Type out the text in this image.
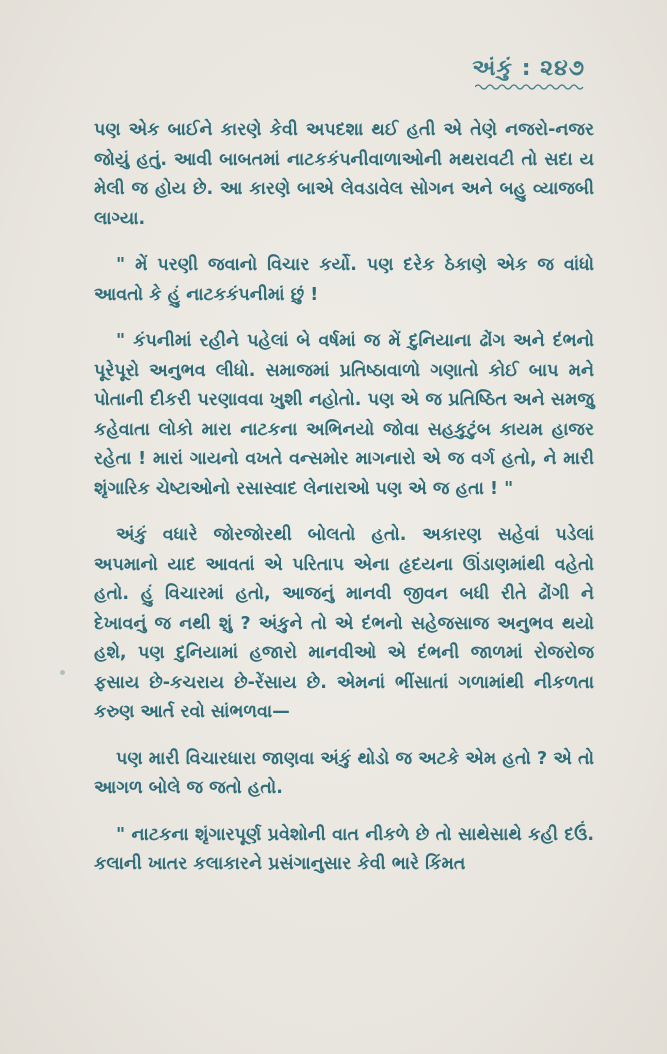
અંકું : ૨૪૭

પણ એક બાઈને કારણે કેવી અપદશા થઈ હતી એ તેણે નજરો-નજર જોયું હતું. આવી બાબતમાં નાટકકંપનીવાળાઓની મથરાવટી તો સદા ય મેલી જ હોય છે. આ કારણે બાએ લેવડાવેલ સોગન અને બહુ વ્યાજબી લાગ્યા.

" મેં પરણી જવાનો વિચાર કર્યો. પણ દરેક ઠેકાણે એક જ વાંધો આવતો કે હું નાટકકંપનીમાં છું !

" કંપનીમાં રહીને પહેલાં બે વર્ષમાં જ મેં દુનિયાના ઢોંગ અને દંભનો પૂરેપૂરો અનુભવ લીધો. સમાજમાં પ્રતિષ્ઠાવાળો ગણાતો કોઈ બાપ મને પોતાની દીકરી પરણાવવા ખુશી નહોતો. પણ એ જ પ્રતિષ્ઠિત અને સમજુ કહેવાતા લોકો મારા નાટકના અભિનયો જોવા સહકુટુંબ કાયમ હાજર રહેતા ! મારાં ગાયનો વખતે વન્સમોર માગનારો એ જ વર્ગ હતો, ને મારી શૃંગારિક ચેષ્ટાઓનો રસાસ્વાદ લેનારાઓ પણ એ જ હતા ! "

અંકું વધારે જોરજોરથી બોલતો હતો. અકારણ સહેવાં પડેલાં અપમાનો યાદ આવતાં એ પરિતાપ એના હૃદયના ઊંડાણમાંથી વહેતો હતો. હું વિચારમાં હતો, આજનું માનવી જીવન બધી રીતે ઢોંગી ને દેખાવનું જ નથી શું ? અંકુને તો એ દંભનો સહેજસાજ અનુભવ થયો હશે, પણ દુનિયામાં હજારો માનવીઓ એ દંભની જાળમાં રોજરોજ ફસાય છે-કચરાય છે-રેંસાય છે. એમનાં ભીંસાતાં ગળામાંથી નીકળતા કરુણ આર્ત રવો સાંભળવા—

પણ મારી વિચારધારા જાણવા અંકું થોડો જ અટકે એમ હતો ? એ તો આગળ બોલે જ જતો હતો.

" નાટકના શૃંગારપૂર્ણ પ્રવેશોની વાત નીકળે છે તો સાથેસાથે કહી દઉં. કલાની ખાતર કલાકારને પ્રસંગાનુસાર કેવી ભારે કિંમત
